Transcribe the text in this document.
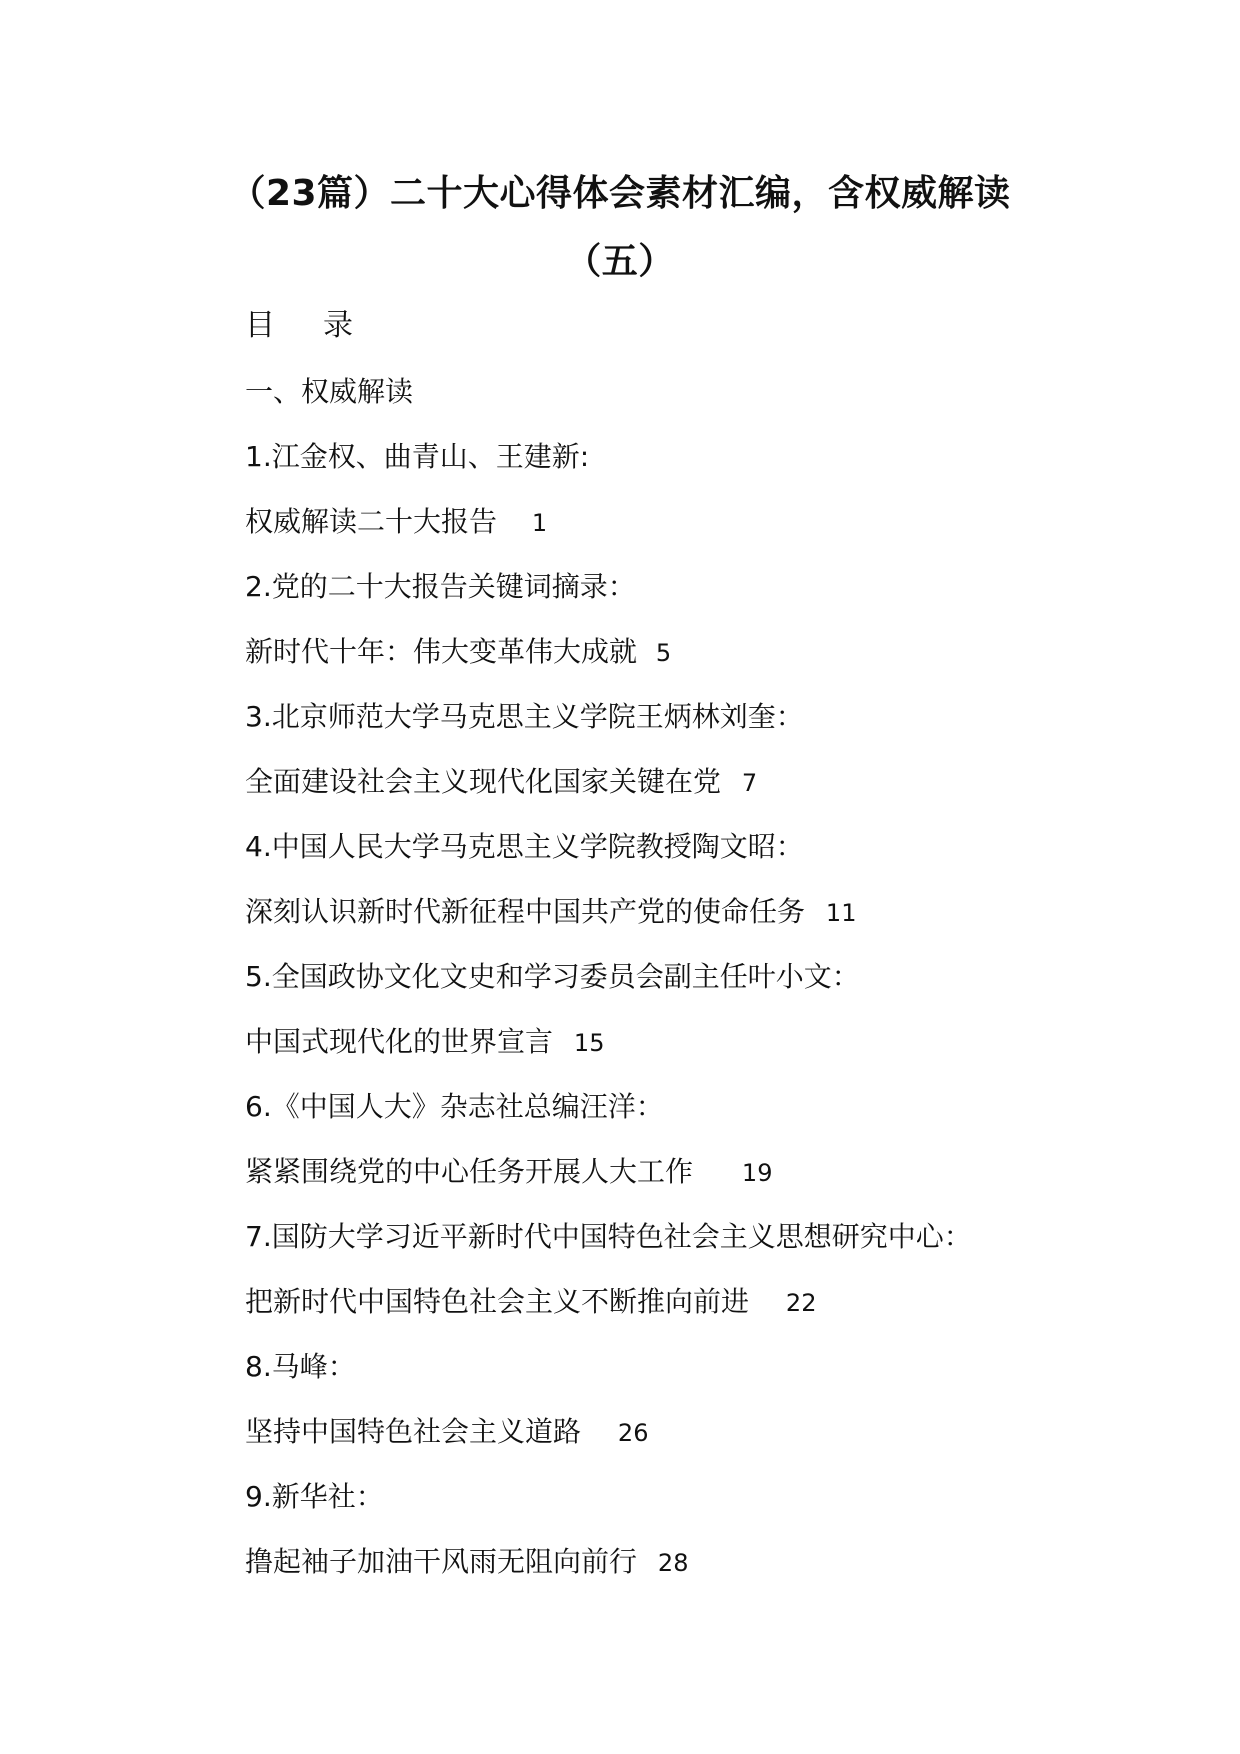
（23篇）二十大心得体会素材汇编，含权威解读
（五）
目 录
一、权威解读
1.江金权、曲青山、王建新:
权威解读二十大报告 1
2.党的二十大报告关键词摘录：
新时代十年：伟大变革伟大成就 5
3.北京师范大学马克思主义学院王炳林刘奎：
全面建设社会主义现代化国家关键在党 7
4.中国人民大学马克思主义学院教授陶文昭：
深刻认识新时代新征程中国共产党的使命任务 11
5.全国政协文化文史和学习委员会副主任叶小文：
中国式现代化的世界宣言 15
6.《中国人大》杂志社总编汪洋：
紧紧围绕党的中心任务开展人大工作 19
7.国防大学习近平新时代中国特色社会主义思想研究中心：
把新时代中国特色社会主义不断推向前进 22
8.马峰：
坚持中国特色社会主义道路 26
9.新华社：
撸起袖子加油干风雨无阻向前行 28
